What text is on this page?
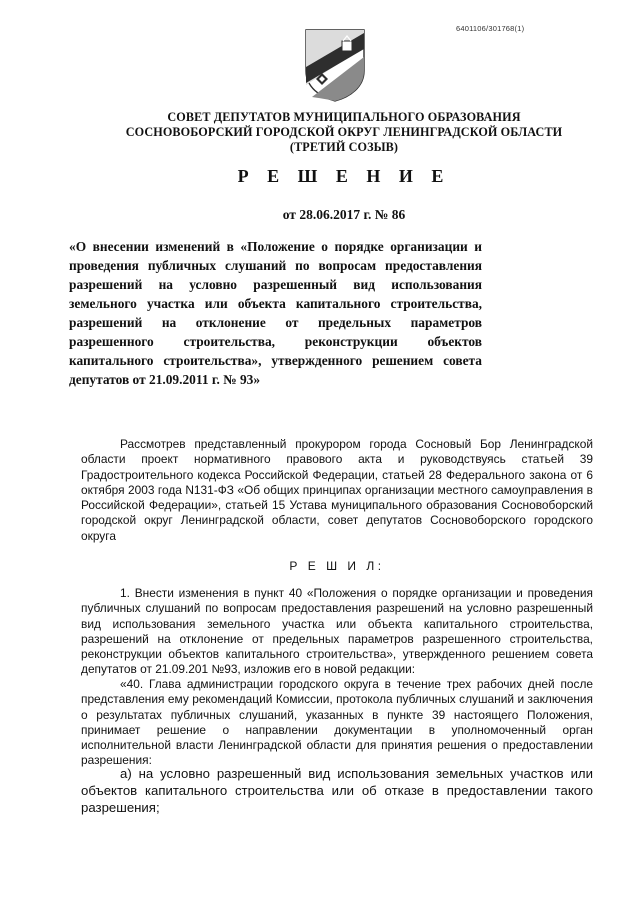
6401106/301768(1)
СОВЕТ ДЕПУТАТОВ МУНИЦИПАЛЬНОГО ОБРАЗОВАНИЯ
СОСНОВОБОРСКИЙ ГОРОДСКОЙ ОКРУГ ЛЕНИНГРАДСКОЙ ОБЛАСТИ
(ТРЕТИЙ СОЗЫВ)
Р Е Ш Е Н И Е
от 28.06.2017 г. № 86
«О внесении изменений в «Положение о порядке организации и проведения публичных слушаний по вопросам предоставления разрешений на условно разрешенный вид использования земельного участка или объекта капитального строительства, разрешений на отклонение от предельных параметров разрешенного строительства, реконструкции объектов капитального строительства», утвержденного решением совета депутатов от 21.09.2011 г. № 93»

Рассмотрев представленный прокурором города Сосновый Бор Ленинградской области проект нормативного правового акта и руководствуясь статьей 39 Градостроительного кодекса Российской Федерации, статьей 28 Федерального закона от 6 октября 2003 года N131-ФЗ «Об общих принципах организации местного самоуправления в Российской Федерации», статьей 15 Устава муниципального образования Сосновоборский городской округ Ленинградской области, совет депутатов Сосновоборского городского округа

Р Е Ш И Л:

1. Внести изменения в пункт 40 «Положения о порядке организации и проведения публичных слушаний по вопросам предоставления разрешений на условно разрешенный вид использования земельного участка или объекта капитального строительства, разрешений на отклонение от предельных параметров разрешенного строительства, реконструкции объектов капитального строительства», утвержденного решением совета депутатов от 21.09.201 №93, изложив его в новой редакции:

«40. Глава администрации городского округа в течение трех рабочих дней после представления ему рекомендаций Комиссии, протокола публичных слушаний и заключения о результатах публичных слушаний, указанных в пункте 39 настоящего Положения, принимает решение о направлении документации в уполномоченный орган исполнительной власти Ленинградской области для принятия решения о предоставлении разрешения:

а) на условно разрешенный вид использования земельных участков или объектов капитального строительства или об отказе в предоставлении такого разрешения;
